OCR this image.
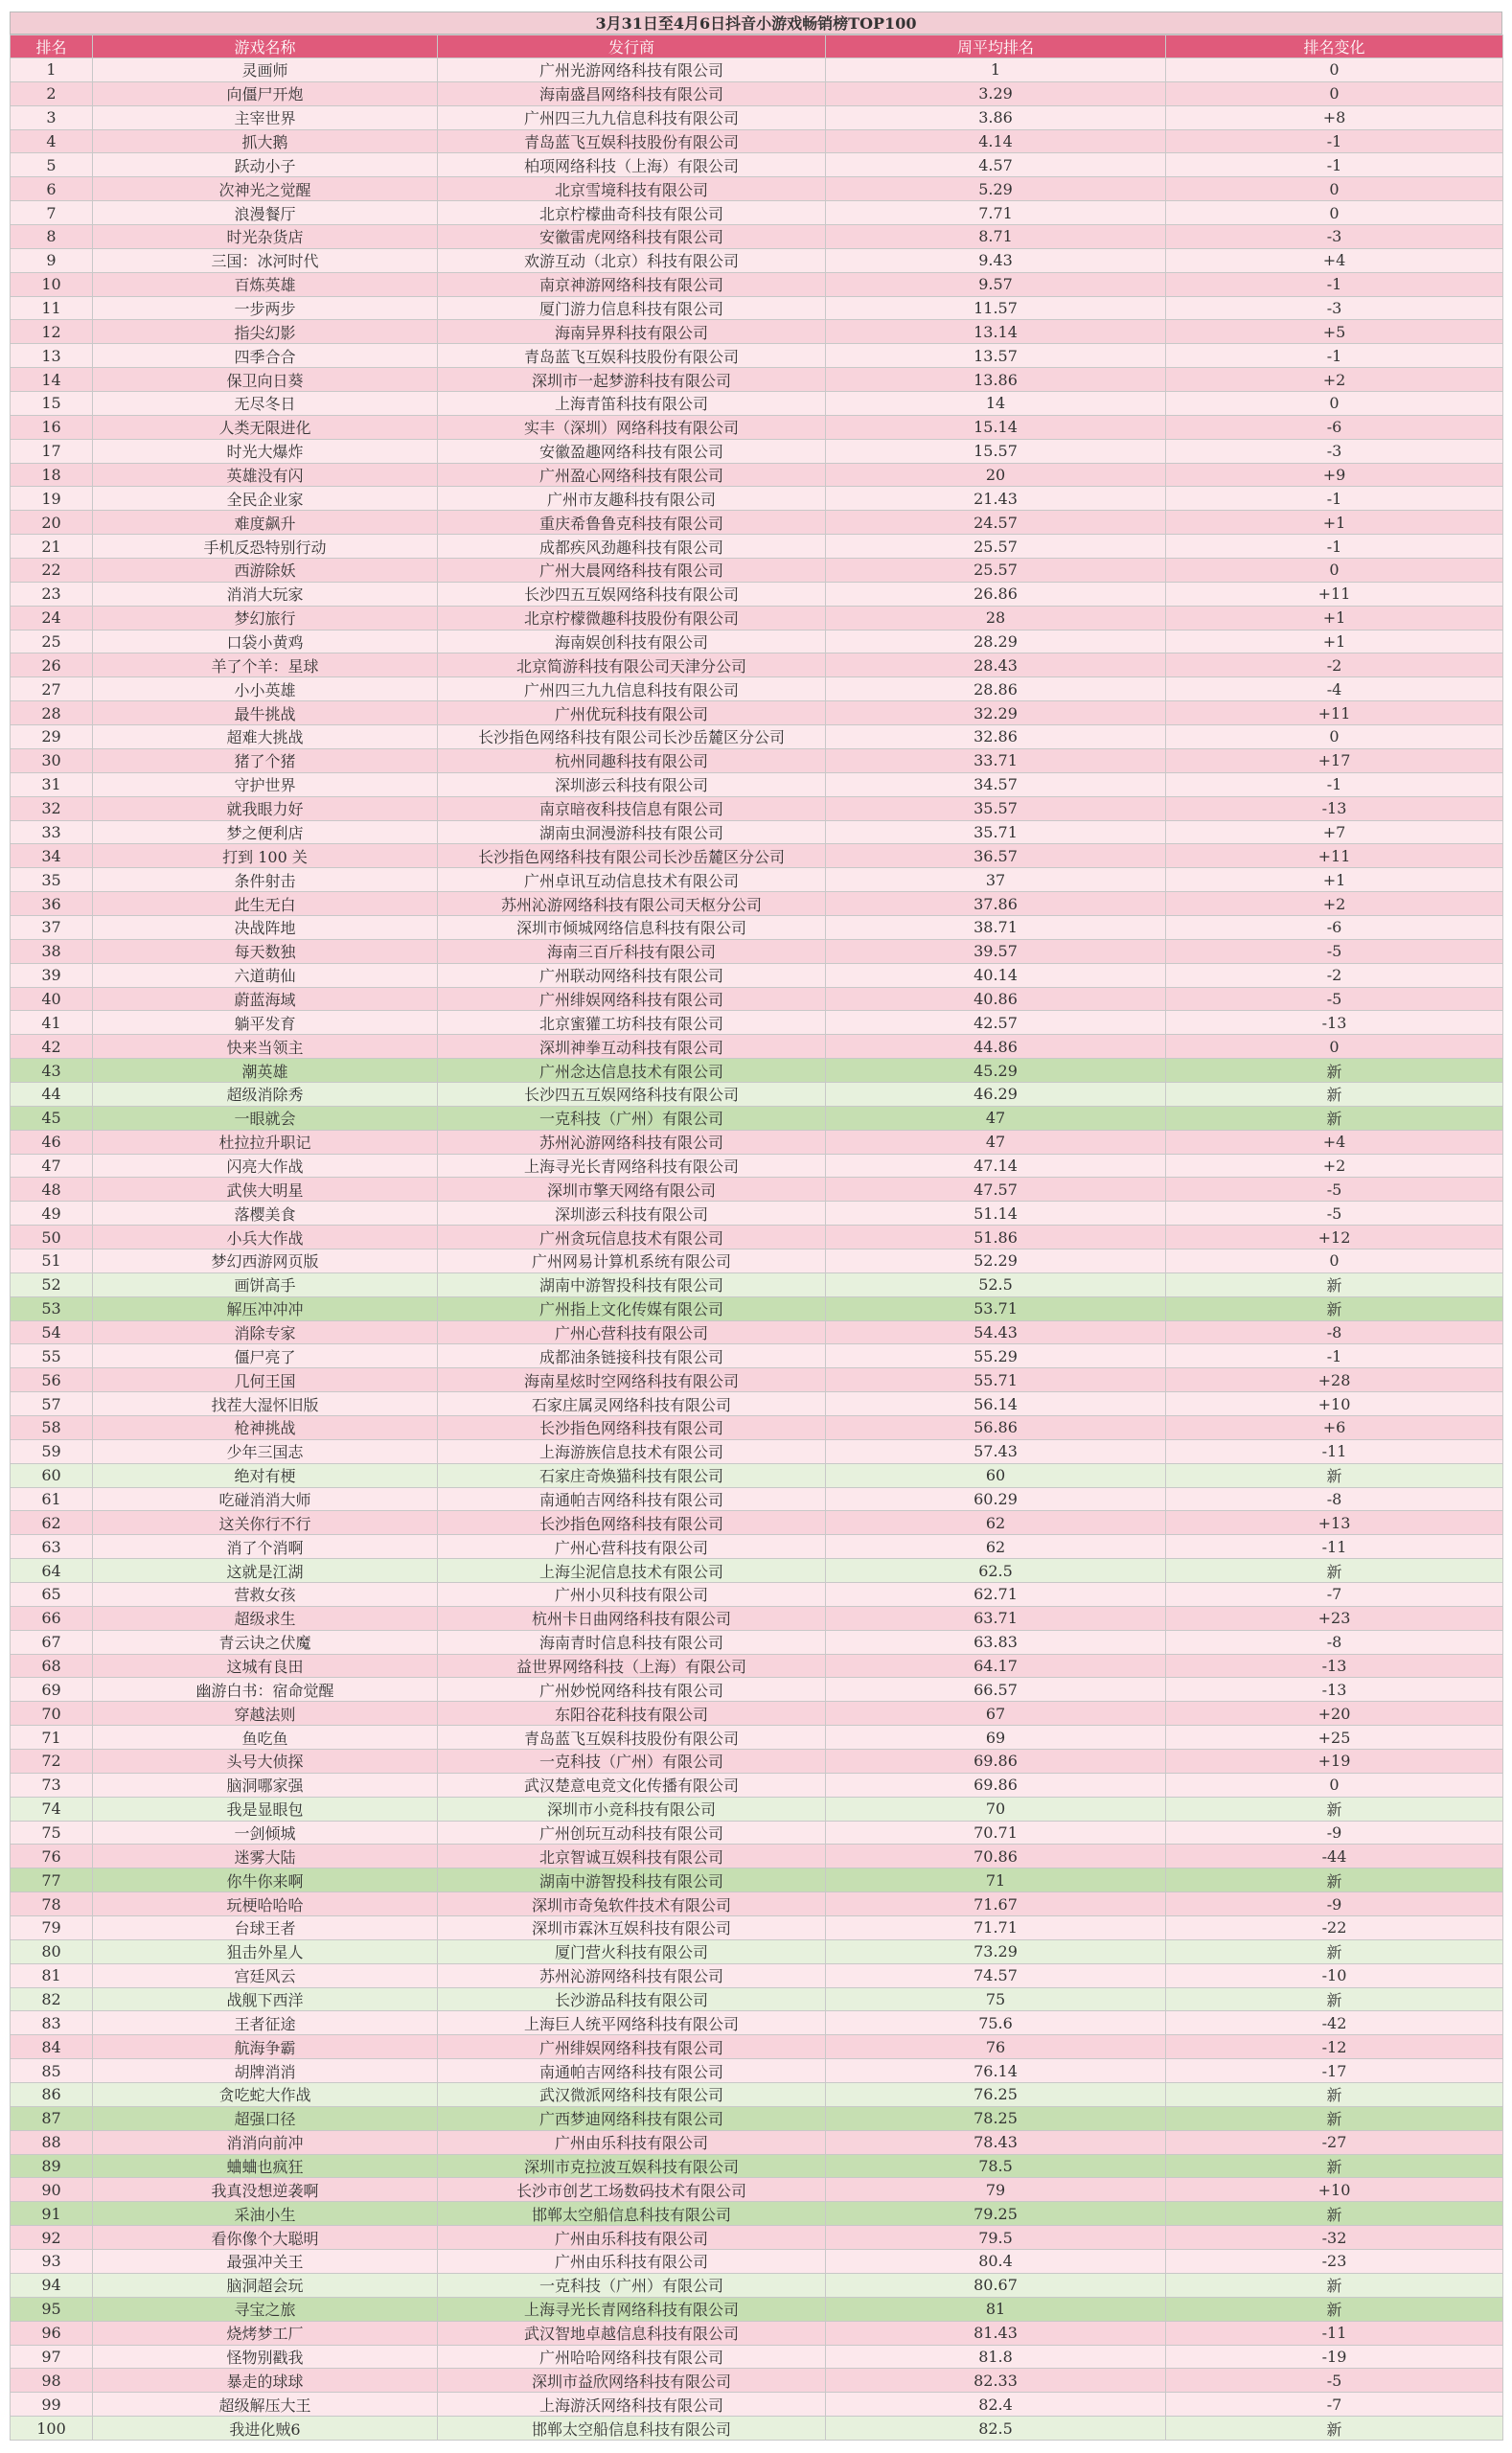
3月31日至4月6日抖音小游戏畅销榜TOP100
排名	游戏名称	发行商	周平均排名	排名变化
1	灵画师	广州光游网络科技有限公司	1	0
2	向僵尸开炮	海南盛昌网络科技有限公司	3.29	0
3	主宰世界	广州四三九九信息科技有限公司	3.86	+8
4	抓大鹅	青岛蓝飞互娱科技股份有限公司	4.14	-1
5	跃动小子	柏项网络科技（上海）有限公司	4.57	-1
6	次神光之觉醒	北京雪境科技有限公司	5.29	0
7	浪漫餐厅	北京柠檬曲奇科技有限公司	7.71	0
8	时光杂货店	安徽雷虎网络科技有限公司	8.71	-3
9	三国：冰河时代	欢游互动（北京）科技有限公司	9.43	+4
10	百炼英雄	南京神游网络科技有限公司	9.57	-1
11	一步两步	厦门游力信息科技有限公司	11.57	-3
12	指尖幻影	海南异界科技有限公司	13.14	+5
13	四季合合	青岛蓝飞互娱科技股份有限公司	13.57	-1
14	保卫向日葵	深圳市一起梦游科技有限公司	13.86	+2
15	无尽冬日	上海青笛科技有限公司	14	0
16	人类无限进化	实丰（深圳）网络科技有限公司	15.14	-6
17	时光大爆炸	安徽盈趣网络科技有限公司	15.57	-3
18	英雄没有闪	广州盈心网络科技有限公司	20	+9
19	全民企业家	广州市友趣科技有限公司	21.43	-1
20	难度飙升	重庆希鲁鲁克科技有限公司	24.57	+1
21	手机反恐特别行动	成都疾风劲趣科技有限公司	25.57	-1
22	西游除妖	广州大晨网络科技有限公司	25.57	0
23	消消大玩家	长沙四五互娱网络科技有限公司	26.86	+11
24	梦幻旅行	北京柠檬微趣科技股份有限公司	28	+1
25	口袋小黄鸡	海南娱创科技有限公司	28.29	+1
26	羊了个羊：星球	北京简游科技有限公司天津分公司	28.43	-2
27	小小英雄	广州四三九九信息科技有限公司	28.86	-4
28	最牛挑战	广州优玩科技有限公司	32.29	+11
29	超难大挑战	长沙指色网络科技有限公司长沙岳麓区分公司	32.86	0
30	猪了个猪	杭州同趣科技有限公司	33.71	+17
31	守护世界	深圳澎云科技有限公司	34.57	-1
32	就我眼力好	南京暗夜科技信息有限公司	35.57	-13
33	梦之便利店	湖南虫洞漫游科技有限公司	35.71	+7
34	打到 100 关	长沙指色网络科技有限公司长沙岳麓区分公司	36.57	+11
35	条件射击	广州卓讯互动信息技术有限公司	37	+1
36	此生无白	苏州沁游网络科技有限公司天枢分公司	37.86	+2
37	决战阵地	深圳市倾城网络信息科技有限公司	38.71	-6
38	每天数独	海南三百斤科技有限公司	39.57	-5
39	六道萌仙	广州联动网络科技有限公司	40.14	-2
40	蔚蓝海域	广州绯娱网络科技有限公司	40.86	-5
41	躺平发育	北京蜜獾工坊科技有限公司	42.57	-13
42	快来当领主	深圳神拳互动科技有限公司	44.86	0
43	潮英雄	广州念达信息技术有限公司	45.29	新
44	超级消除秀	长沙四五互娱网络科技有限公司	46.29	新
45	一眼就会	一克科技（广州）有限公司	47	新
46	杜拉拉升职记	苏州沁游网络科技有限公司	47	+4
47	闪亮大作战	上海寻光长青网络科技有限公司	47.14	+2
48	武侠大明星	深圳市擎天网络有限公司	47.57	-5
49	落樱美食	深圳澎云科技有限公司	51.14	-5
50	小兵大作战	广州贪玩信息技术有限公司	51.86	+12
51	梦幻西游网页版	广州网易计算机系统有限公司	52.29	0
52	画饼高手	湖南中游智投科技有限公司	52.5	新
53	解压冲冲冲	广州指上文化传媒有限公司	53.71	新
54	消除专家	广州心营科技有限公司	54.43	-8
55	僵尸亮了	成都油条链接科技有限公司	55.29	-1
56	几何王国	海南星炫时空网络科技有限公司	55.71	+28
57	找茬大湿怀旧版	石家庄属灵网络科技有限公司	56.14	+10
58	枪神挑战	长沙指色网络科技有限公司	56.86	+6
59	少年三国志	上海游族信息技术有限公司	57.43	-11
60	绝对有梗	石家庄奇焕猫科技有限公司	60	新
61	吃碰消消大师	南通帕吉网络科技有限公司	60.29	-8
62	这关你行不行	长沙指色网络科技有限公司	62	+13
63	消了个消啊	广州心营科技有限公司	62	-11
64	这就是江湖	上海尘泥信息技术有限公司	62.5	新
65	营救女孩	广州小贝科技有限公司	62.71	-7
66	超级求生	杭州卡日曲网络科技有限公司	63.71	+23
67	青云诀之伏魔	海南青时信息科技有限公司	63.83	-8
68	这城有良田	益世界网络科技（上海）有限公司	64.17	-13
69	幽游白书：宿命觉醒	广州妙悦网络科技有限公司	66.57	-13
70	穿越法则	东阳谷花科技有限公司	67	+20
71	鱼吃鱼	青岛蓝飞互娱科技股份有限公司	69	+25
72	头号大侦探	一克科技（广州）有限公司	69.86	+19
73	脑洞哪家强	武汉楚意电竞文化传播有限公司	69.86	0
74	我是显眼包	深圳市小竞科技有限公司	70	新
75	一剑倾城	广州创玩互动科技有限公司	70.71	-9
76	迷雾大陆	北京智诚互娱科技有限公司	70.86	-44
77	你牛你来啊	湖南中游智投科技有限公司	71	新
78	玩梗哈哈哈	深圳市奇兔软件技术有限公司	71.67	-9
79	台球王者	深圳市霖沐互娱科技有限公司	71.71	-22
80	狙击外星人	厦门营火科技有限公司	73.29	新
81	宫廷风云	苏州沁游网络科技有限公司	74.57	-10
82	战舰下西洋	长沙游品科技有限公司	75	新
83	王者征途	上海巨人统平网络科技有限公司	75.6	-42
84	航海争霸	广州绯娱网络科技有限公司	76	-12
85	胡牌消消	南通帕吉网络科技有限公司	76.14	-17
86	贪吃蛇大作战	武汉微派网络科技有限公司	76.25	新
87	超强口径	广西梦迪网络科技有限公司	78.25	新
88	消消向前冲	广州由乐科技有限公司	78.43	-27
89	蛐蛐也疯狂	深圳市克拉波互娱科技有限公司	78.5	新
90	我真没想逆袭啊	长沙市创艺工场数码技术有限公司	79	+10
91	采油小生	邯郸太空船信息科技有限公司	79.25	新
92	看你像个大聪明	广州由乐科技有限公司	79.5	-32
93	最强冲关王	广州由乐科技有限公司	80.4	-23
94	脑洞超会玩	一克科技（广州）有限公司	80.67	新
95	寻宝之旅	上海寻光长青网络科技有限公司	81	新
96	烧烤梦工厂	武汉智地卓越信息科技有限公司	81.43	-11
97	怪物别戳我	广州哈哈网络科技有限公司	81.8	-19
98	暴走的球球	深圳市益欣网络科技有限公司	82.33	-5
99	超级解压大王	上海游沃网络科技有限公司	82.4	-7
100	我进化贼6	邯郸太空船信息科技有限公司	82.5	新
